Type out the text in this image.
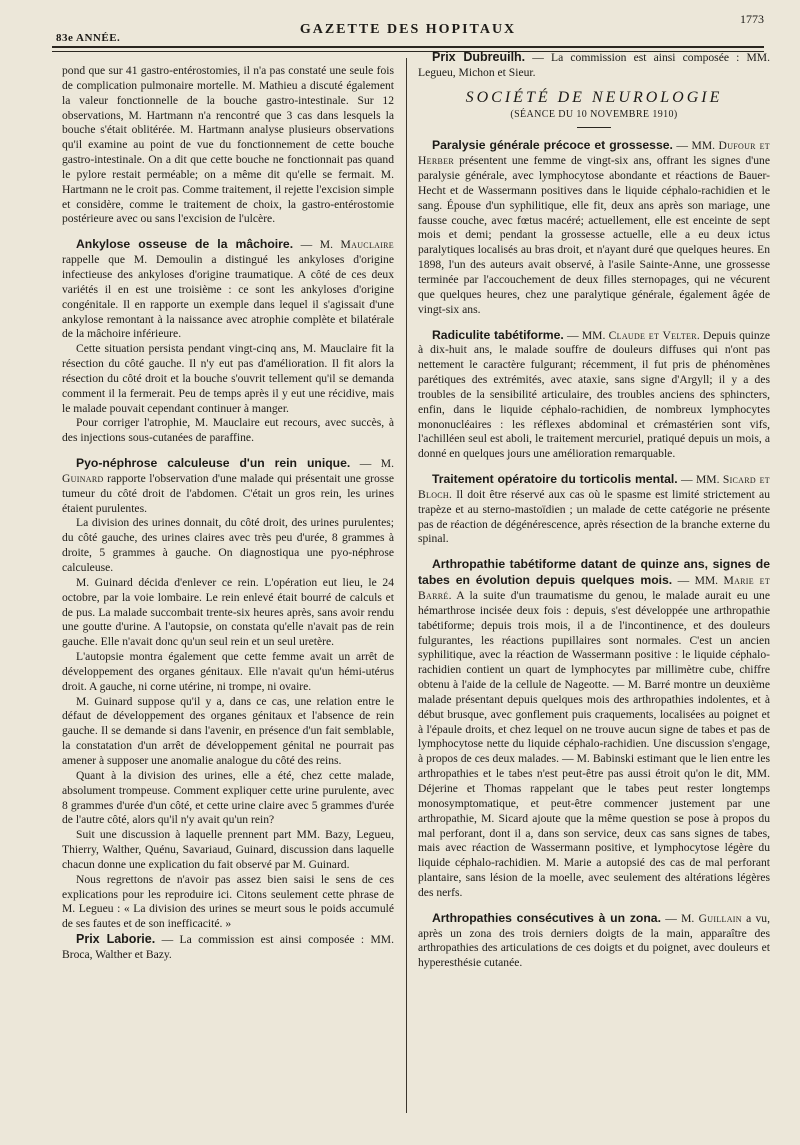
83e ANNÉE.
GAZETTE DES HOPITAUX
1773

pond que sur 41 gastro-entérostomies, il n'a pas constaté une seule fois de complication pulmonaire mortelle. M. Mathieu a discuté également la valeur fonctionnelle de la bouche gastro-intestinale. Sur 12 observations, M. Hartmann n'a rencontré que 3 cas dans lesquels la bouche s'était oblitérée. M. Hartmann analyse plusieurs observations qu'il examine au point de vue du fonctionnement de cette bouche gastro-intestinale. On a dit que cette bouche ne fonctionnait pas quand le pylore restait perméable; on a même dit qu'elle se fermait. M. Hartmann ne le croit pas. Comme traitement, il rejette l'excision simple et considère, comme le traitement de choix, la gastro-entérostomie postérieure avec ou sans l'excision de l'ulcère.

Ankylose osseuse de la mâchoire. — M. Mauclaire rappelle que M. Demoulin a distingué les ankyloses d'origine infectieuse des ankyloses d'origine traumatique. A côté de ces deux variétés il en est une troisième : ce sont les ankyloses d'origine congénitale. Il en rapporte un exemple dans lequel il s'agissait d'une ankylose remontant à la naissance avec atrophie complète et bilatérale de la mâchoire inférieure.

Cette situation persista pendant vingt-cinq ans, M. Mauclaire fit la résection du côté gauche. Il n'y eut pas d'amélioration. Il fit alors la résection du côté droit et la bouche s'ouvrit tellement qu'il se demanda comment il la fermerait. Peu de temps après il y eut une récidive, mais le malade pouvait cependant continuer à manger.

Pour corriger l'atrophie, M. Mauclaire eut recours, avec succès, à des injections sous-cutanées de paraffine.

Pyo-néphrose calculeuse d'un rein unique. — M. Guinard rapporte l'observation d'une malade qui présentait une grosse tumeur du côté droit de l'abdomen. C'était un gros rein, les urines étaient purulentes.

La division des urines donnait, du côté droit, des urines purulentes; du côté gauche, des urines claires avec très peu d'urée, 8 grammes à droite, 5 grammes à gauche. On diagnostiqua une pyo-néphrose calculeuse.

M. Guinard décida d'enlever ce rein. L'opération eut lieu, le 24 octobre, par la voie lombaire. Le rein enlevé était bourré de calculs et de pus. La malade succombait trente-six heures après, sans avoir rendu une goutte d'urine. A l'autopsie, on constata qu'elle n'avait pas de rein gauche. Elle n'avait donc qu'un seul rein et un seul uretère.

L'autopsie montra également que cette femme avait un arrêt de développement des organes génitaux. Elle n'avait qu'un hémi-utérus droit. A gauche, ni corne utérine, ni trompe, ni ovaire.

M. Guinard suppose qu'il y a, dans ce cas, une relation entre le défaut de développement des organes génitaux et l'absence de rein gauche. Il se demande si dans l'avenir, en présence d'un fait semblable, la constatation d'un arrêt de développement génital ne pourrait pas amener à supposer une anomalie analogue du côté des reins.

Quant à la division des urines, elle a été, chez cette malade, absolument trompeuse. Comment expliquer cette urine purulente, avec 8 grammes d'urée d'un côté, et cette urine claire avec 5 grammes d'urée de l'autre côté, alors qu'il n'y avait qu'un rein?

Suit une discussion à laquelle prennent part MM. Bazy, Legueu, Thierry, Walther, Quénu, Savariaud, Guinard, discussion dans laquelle chacun donne une explication du fait observé par M. Guinard.

Nous regrettons de n'avoir pas assez bien saisi le sens de ces explications pour les reproduire ici. Citons seulement cette phrase de M. Legueu : « La division des urines se meurt sous le poids accumulé de ses fautes et de son inefficacité. »

Prix Laborie. — La commission est ainsi composée : MM. Broca, Walther et Bazy.

Prix Dubreuilh. — La commission est ainsi composée : MM. Legueu, Michon et Sieur.

SOCIÉTÉ DE NEUROLOGIE
(SÉANCE DU 10 NOVEMBRE 1910)

Paralysie générale précoce et grossesse. — MM. Dufour et Herber présentent une femme de vingt-six ans, offrant les signes d'une paralysie générale, avec lymphocytose abondante et réactions de Bauer-Hecht et de Wassermann positives dans le liquide céphalo-rachidien et le sang. Épouse d'un syphilitique, elle fit, deux ans après son mariage, une fausse couche, avec fœtus macéré; actuellement, elle est enceinte de sept mois et demi; pendant la grossesse actuelle, elle a eu deux ictus paralytiques localisés au bras droit, et n'ayant duré que quelques heures. En 1898, l'un des auteurs avait observé, à l'asile Sainte-Anne, une grossesse terminée par l'accouchement de deux filles sternopages, qui ne vécurent que quelques heures, chez une paralytique générale, également âgée de vingt-six ans.

Radiculite tabétiforme. — MM. Claude et Velter. Depuis quinze à dix-huit ans, le malade souffre de douleurs diffuses qui n'ont pas nettement le caractère fulgurant; récemment, il fut pris de phénomènes parétiques des extrémités, avec ataxie, sans signe d'Argyll; il y a des troubles de la sensibilité articulaire, des troubles anciens des sphincters, enfin, dans le liquide céphalo-rachidien, de nombreux lymphocytes mononucléaires : les réflexes abdominal et crémastérien sont vifs, l'achilléen seul est aboli, le traitement mercuriel, pratiqué depuis un mois, a donné en quelques jours une amélioration remarquable.

Traitement opératoire du torticolis mental. — MM. Sicard et Bloch. Il doit être réservé aux cas où le spasme est limité strictement au trapèze et au sterno-mastoïdien ; un malade de cette catégorie ne présente pas de réaction de dégénérescence, après résection de la branche externe du spinal.

Arthropathie tabétiforme datant de quinze ans, signes de tabes en évolution depuis quelques mois. — MM. Marie et Barré. A la suite d'un traumatisme du genou, le malade aurait eu une hémarthrose incisée deux fois : depuis, s'est développée une arthropathie tabétiforme; depuis trois mois, il a de l'incontinence, et des douleurs fulgurantes, les réactions pupillaires sont normales. C'est un ancien syphilitique, avec la réaction de Wassermann positive : le liquide céphalo-rachidien contient un quart de lymphocytes par millimètre cube, chiffre obtenu à l'aide de la cellule de Nageotte. — M. Barré montre un deuxième malade présentant depuis quelques mois des arthropathies indolentes, et à début brusque, avec gonflement puis craquements, localisées au poignet et à l'épaule droits, et chez lequel on ne trouve aucun signe de tabes et pas de lymphocytose nette du liquide céphalo-rachidien. Une discussion s'engage, à propos de ces deux malades. — M. Babinski estimant que le lien entre les arthropathies et le tabes n'est peut-être pas aussi étroit qu'on le dit, MM. Déjerine et Thomas rappelant que le tabes peut rester longtemps monosymptomatique, et peut-être commencer justement par une arthropathie, M. Sicard ajoute que la même question se pose à propos du mal perforant, dont il a, dans son service, deux cas sans signes de tabes, mais avec réaction de Wassermann positive, et lymphocytose légère du liquide céphalo-rachidien. M. Marie a autopsié des cas de mal perforant plantaire, sans lésion de la moelle, avec seulement des altérations légères des nerfs.

Arthropathies consécutives à un zona. — M. Guillain a vu, après un zona des trois derniers doigts de la main, apparaître des arthropathies des articulations de ces doigts et du poignet, avec douleurs et hyperesthésie cutanée.
